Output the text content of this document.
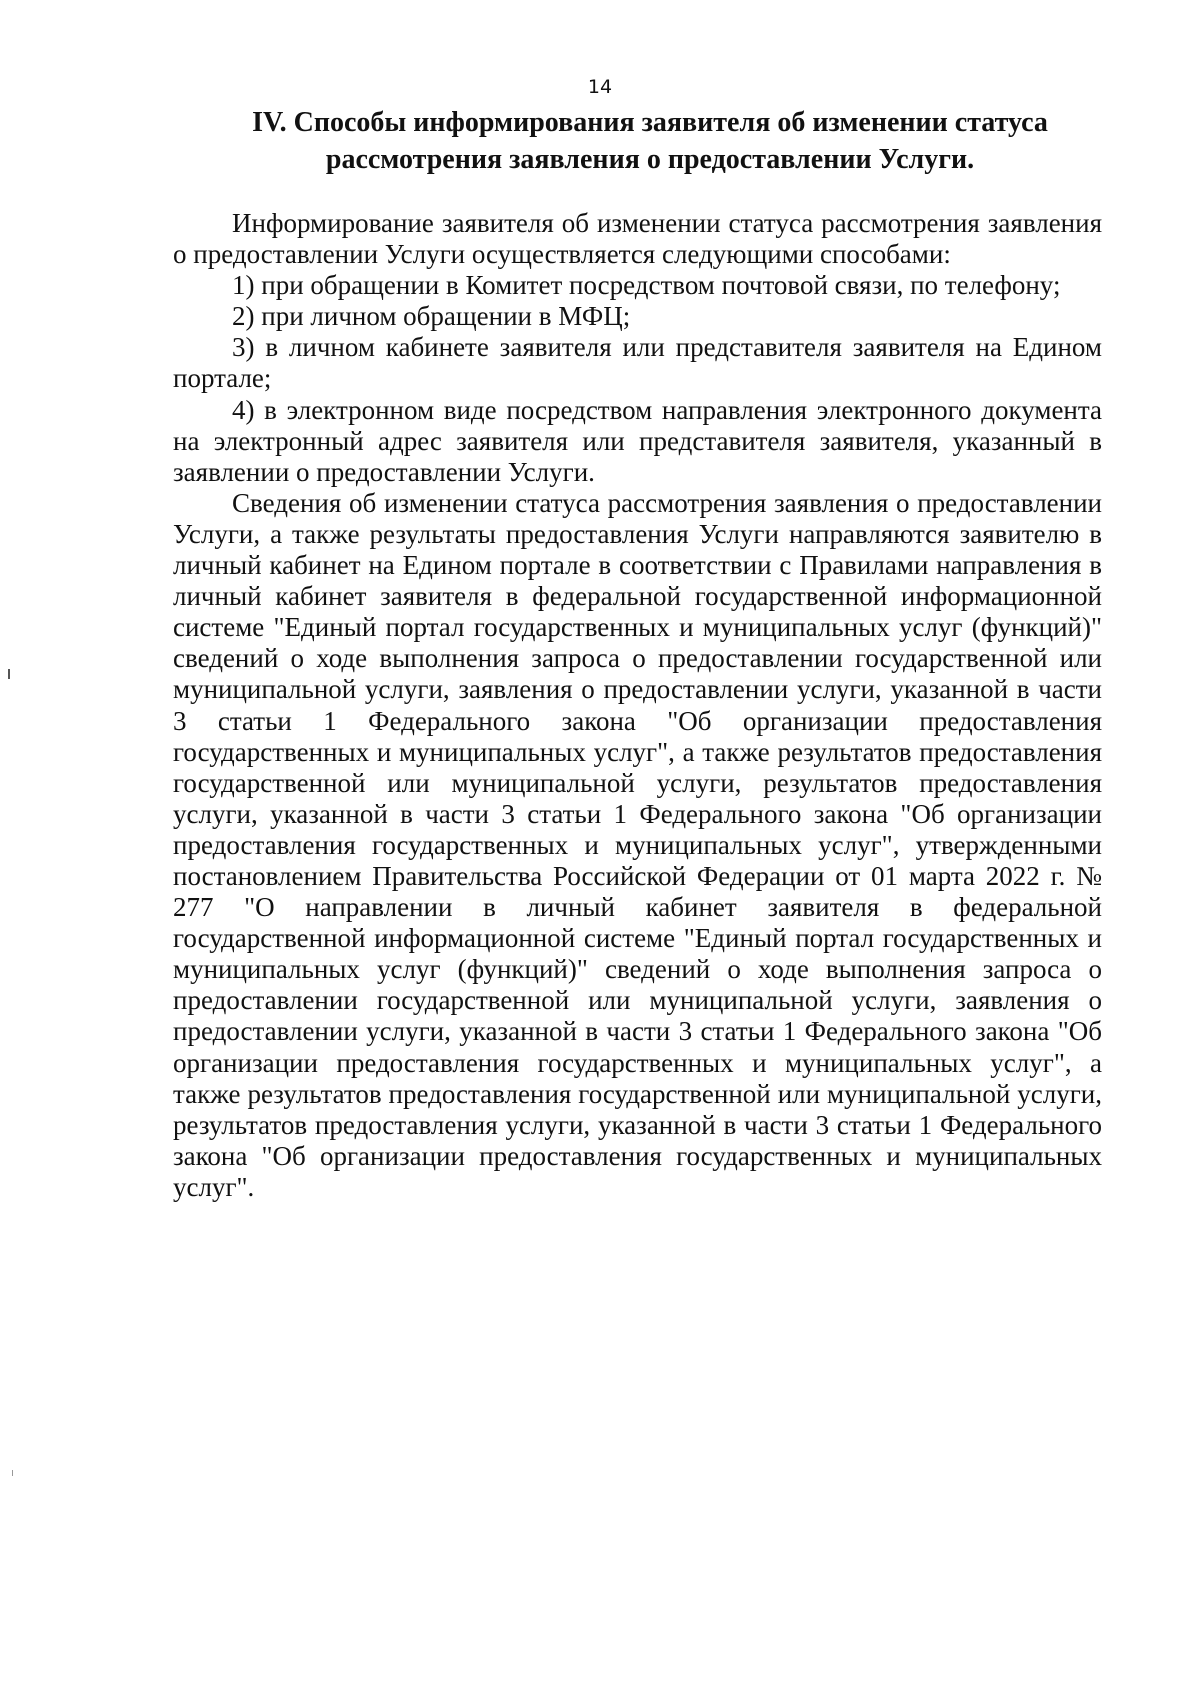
14
IV. Способы информирования заявителя об изменении статуса
рассмотрения заявления о предоставлении Услуги.

Информирование заявителя об изменении статуса рассмотрения заявления о предоставлении Услуги осуществляется следующими способами:

1) при обращении в Комитет посредством почтовой связи, по телефону;

2) при личном обращении в МФЦ;

3) в личном кабинете заявителя или представителя заявителя на Едином портале;

4) в электронном виде посредством направления электронного документа на электронный адрес заявителя или представителя заявителя, указанный в заявлении о предоставлении Услуги.

Сведения об изменении статуса рассмотрения заявления о предоставлении Услуги, а также результаты предоставления Услуги направляются заявителю в личный кабинет на Едином портале в соответствии с Правилами направления в личный кабинет заявителя в федеральной государственной информационной системе "Единый портал государственных и муниципальных услуг (функций)" сведений о ходе выполнения запроса о предоставлении государственной или муниципальной услуги, заявления о предоставлении услуги, указанной в части 3 статьи 1 Федерального закона "Об организации предоставления государственных и муниципальных услуг", а также результатов предоставления государственной или муниципальной услуги, результатов предоставления услуги, указанной в части 3 статьи 1 Федерального закона "Об организации предоставления государственных и муниципальных услуг", утвержденными постановлением Правительства Российской Федерации от 01 марта 2022 г. № 277 "О направлении в личный кабинет заявителя в федеральной государственной информационной системе "Единый портал государственных и муниципальных услуг (функций)" сведений о ходе выполнения запроса о предоставлении государственной или муниципальной услуги, заявления о предоставлении услуги, указанной в части 3 статьи 1 Федерального закона "Об организации предоставления государственных и муниципальных услуг", а также результатов предоставления государственной или муниципальной услуги, результатов предоставления услуги, указанной в части 3 статьи 1 Федерального закона "Об организации предоставления государственных и муниципальных услуг".
